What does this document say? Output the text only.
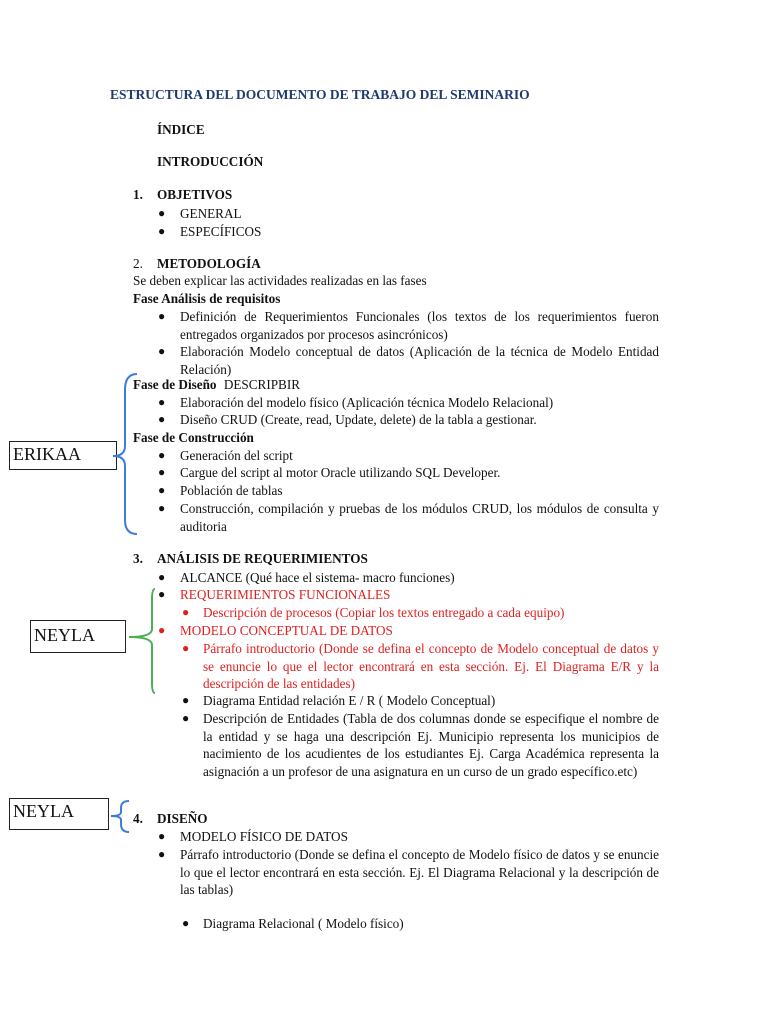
ESTRUCTURA DEL DOCUMENTO DE TRABAJO DEL SEMINARIO
ÍNDICE
INTRODUCCIÓN
1. OBJETIVOS
● GENERAL
● ESPECÍFICOS
2. METODOLOGÍA
Se deben explicar las actividades realizadas en las fases
Fase Análisis de requisitos
● Definición de Requerimientos Funcionales (los textos de los requerimientos fueron entregados organizados por procesos asincrónicos)
● Elaboración Modelo conceptual de datos (Aplicación de la técnica de Modelo Entidad Relación)
Fase de Diseño DESCRIPBIR
● Elaboración del modelo físico (Aplicación técnica Modelo Relacional)
● Diseño CRUD (Create, read, Update, delete) de la tabla a gestionar.
Fase de Construcción
● Generación del script
● Cargue del script al motor Oracle utilizando SQL Developer.
● Población de tablas
● Construcción, compilación y pruebas de los módulos CRUD, los módulos de consulta y auditoria
3. ANÁLISIS DE REQUERIMIENTOS
● ALCANCE (Qué hace el sistema- macro funciones)
● REQUERIMIENTOS FUNCIONALES
● Descripción de procesos (Copiar los textos entregado a cada equipo)
● MODELO CONCEPTUAL DE DATOS
● Párrafo introductorio (Donde se defina el concepto de Modelo conceptual de datos y se enuncie lo que el lector encontrará en esta sección. Ej. El Diagrama E/R y la descripción de las entidades)
● Diagrama Entidad relación E / R ( Modelo Conceptual)
● Descripción de Entidades (Tabla de dos columnas donde se especifique el nombre de la entidad y se haga una descripción Ej. Municipio representa los municipios de nacimiento de los acudientes de los estudiantes Ej. Carga Académica representa la asignación a un profesor de una asignatura en un curso de un grado específico.etc)
4. DISEÑO
● MODELO FÍSICO DE DATOS
● Párrafo introductorio (Donde se defina el concepto de Modelo físico de datos y se enuncie lo que el lector encontrará en esta sección. Ej. El Diagrama Relacional y la descripción de las tablas)
● Diagrama Relacional ( Modelo físico)
ERIKAA
NEYLA
NEYLA
